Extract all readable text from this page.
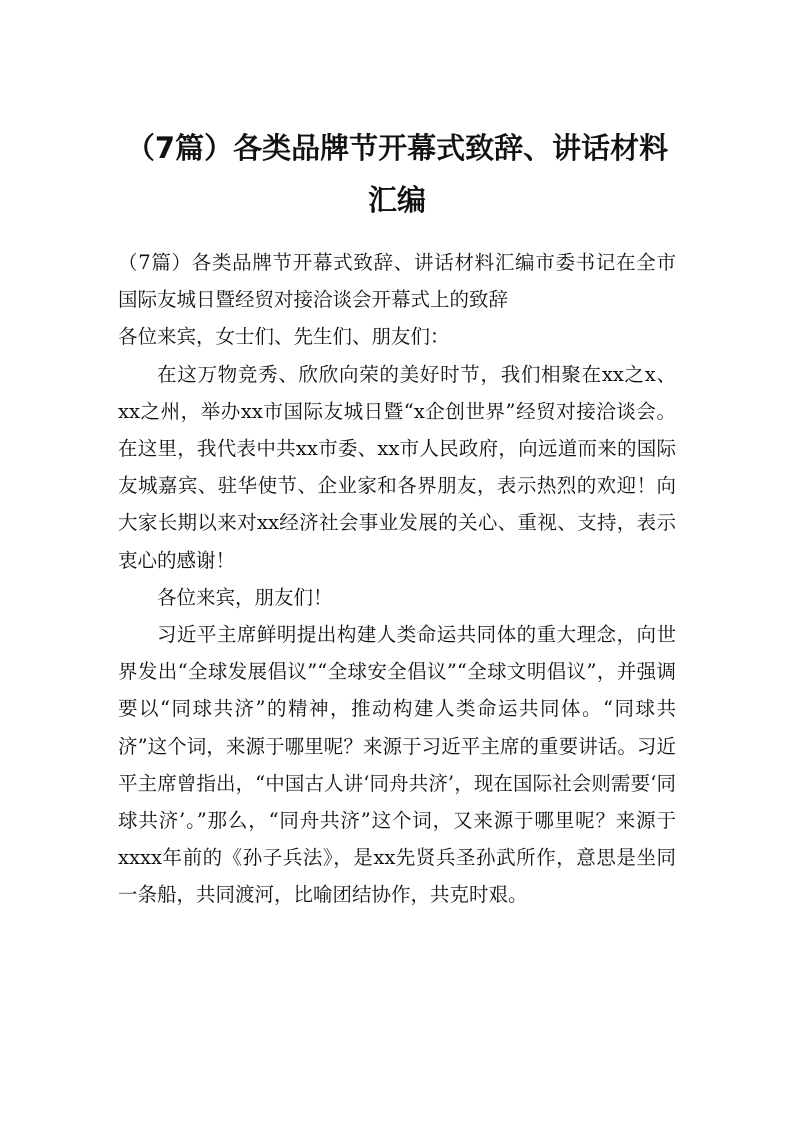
（7篇）各类品牌节开幕式致辞、讲话材料汇编

（7篇）各类品牌节开幕式致辞、讲话材料汇编市委书记在全市国际友城日暨经贸对接洽谈会开幕式上的致辞

各位来宾，女士们、先生们、朋友们：

在这万物竞秀、欣欣向荣的美好时节，我们相聚在xx之x、xx之州，举办xx市国际友城日暨“x企创世界”经贸对接洽谈会。在这里，我代表中共xx市委、xx市人民政府，向远道而来的国际友城嘉宾、驻华使节、企业家和各界朋友，表示热烈的欢迎！向大家长期以来对xx经济社会事业发展的关心、重视、支持，表示衷心的感谢！

各位来宾，朋友们！

习近平主席鲜明提出构建人类命运共同体的重大理念，向世界发出“全球发展倡议”“全球安全倡议”“全球文明倡议”，并强调要以“同球共济”的精神，推动构建人类命运共同体。“同球共济”这个词，来源于哪里呢？来源于习近平主席的重要讲话。习近平主席曾指出，“中国古人讲‘同舟共济’，现在国际社会则需要‘同球共济’。”那么，“同舟共济”这个词，又来源于哪里呢？来源于xxxx年前的《孙子兵法》，是xx先贤兵圣孙武所作，意思是坐同一条船，共同渡河，比喻团结协作，共克时艰。
